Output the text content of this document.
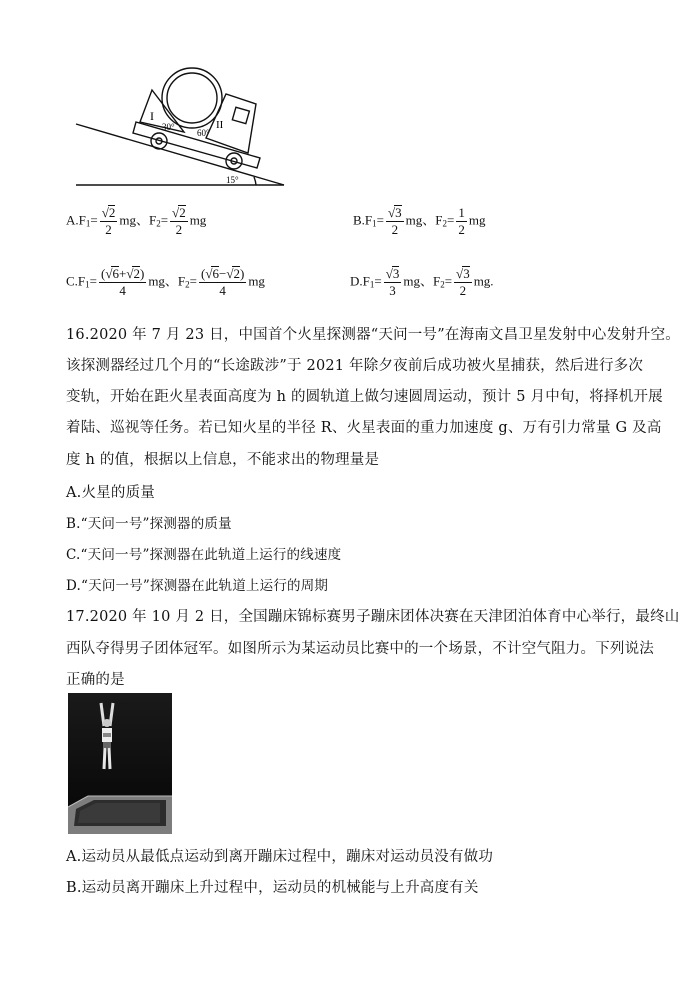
I
II
30°
60°
15°
$A.F_1= \frac{√2}{2}$ mg、$F_2= \frac{√2}{2}$ mg	$B.F_1= \frac{√3}{2}$ mg、$F_2= \frac{1}{2}$ mg
$C.F_1= \frac{(√6+√2)}{4}$ mg、$F_2= \frac{(√6-√2)}{4}$ mg	$D.F_1= \frac{√3}{3}$ mg、$F_2= \frac{√3}{2}$ mg.
16.2020 年 7 月 23 日，中国首个火星探测器“天问一号”在海南文昌卫星发射中心发射升空。
该探测器经过几个月的“长途跋涉”于 2021 年除夕夜前后成功被火星捕获，然后进行多次
变轨，开始在距火星表面高度为 h 的圆轨道上做匀速圆周运动，预计 5 月中旬，将择机开展
着陆、巡视等任务。若已知火星的半径 R、火星表面的重力加速度 g、万有引力常量 G 及高
度 h 的值，根据以上信息，不能求出的物理量是
A.火星的质量
B.“天问一号”探测器的质量
C.“天问一号”探测器在此轨道上运行的线速度
D.“天问一号”探测器在此轨道上运行的周期
17.2020 年 10 月 2 日，全国蹦床锦标赛男子蹦床团体决赛在天津团泊体育中心举行，最终山
西队夺得男子团体冠军。如图所示为某运动员比赛中的一个场景，不计空气阻力。下列说法
正确的是
A.运动员从最低点运动到离开蹦床过程中，蹦床对运动员没有做功
B.运动员离开蹦床上升过程中，运动员的机械能与上升高度有关
